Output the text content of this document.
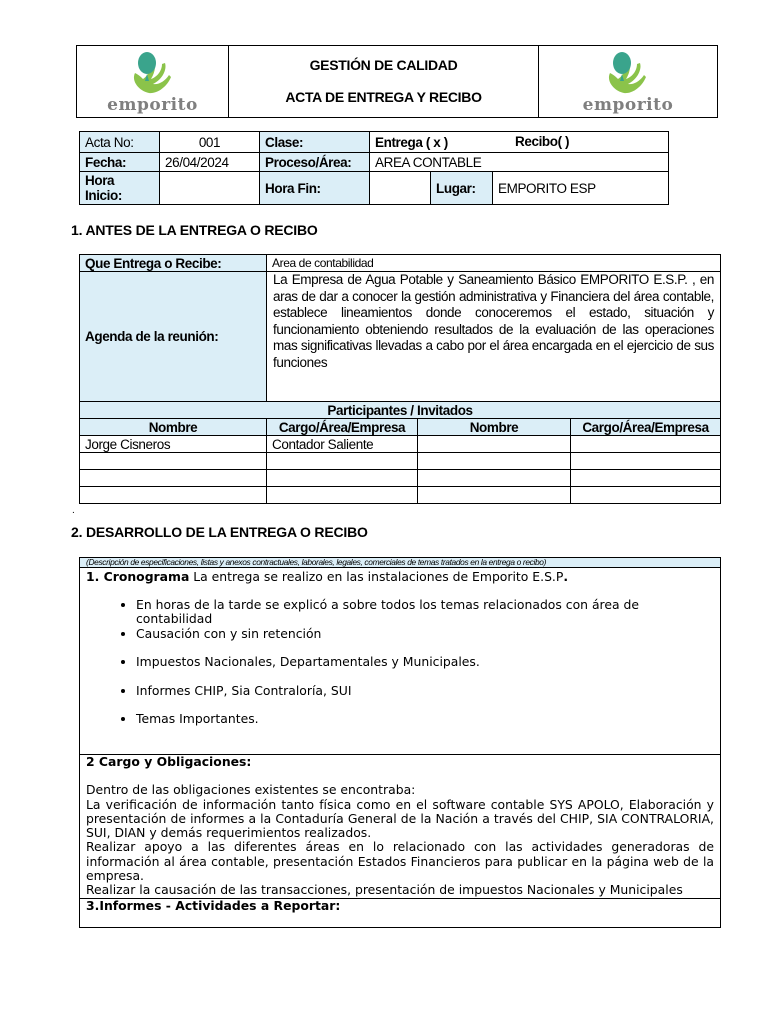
emporito

GESTIÓN DE CALIDAD
ACTA DE ENTREGA Y RECIBO	emporito
Acta No:	001	Clase:	Entrega ( x ) Recibo( )		

Fecha:	26/04/2024	Proceso/Área:	AREA CONTABLE		

Hora
Inicio:		Hora Fin:		Lugar:	EMPORITO ESP
1. ANTES DE LA ENTREGA O RECIBO
Que Entrega o Recibe:	Area de contabilidad		
Agenda de la reunión:	La Empresa de Agua Potable y Saneamiento Básico EMPORITO E.S.P. , en aras de dar a conocer la gestión administrativa y Financiera del área contable, establece lineamientos donde conoceremos el estado, situación y funcionamiento obteniendo resultados de la evaluación de las operaciones mas significativas llevadas a cabo por el área encargada en el ejercicio de sus funciones		
Participantes / Invitados			
Nombre	Cargo/Área/Empresa	Nombre	Cargo/Área/Empresa
Jorge Cisneros	Contador Saliente		

.
2. DESARROLLO DE LA ENTREGA O RECIBO
(Descripción de especificaciones, listas y anexos contractuales, laborales, legales, comerciales de temas tratados en la entrega o recibo)

1. Cronograma La entrega se realizo en las instalaciones de Emporito E.S.P.
• En horas de la tarde se explicó a sobre todos los temas relacionados con área de contabilidad
• Causación con y sin retención
• Impuestos Nacionales, Departamentales y Municipales.
• Informes CHIP, Sia Contraloría, SUI
• Temas Importantes.

2 Cargo y Obligaciones:
Dentro de las obligaciones existentes se encontraba:
La verificación de información tanto física como en el software contable SYS APOLO, Elaboración y presentación de informes a la Contaduría General de la Nación a través del CHIP, SIA CONTRALORIA, SUI, DIAN y demás requerimientos realizados.
Realizar apoyo a las diferentes áreas en lo relacionado con las actividades generadoras de información al área contable, presentación Estados Financieros para publicar en la página web de la empresa.
Realizar la causación de las transacciones, presentación de impuestos Nacionales y Municipales

3.Informes - Actividades a Reportar:
